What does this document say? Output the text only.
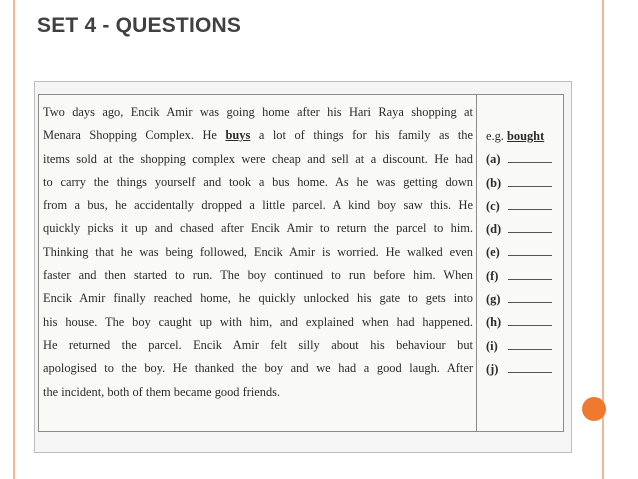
SET 4 - QUESTIONS
Two days ago, Encik Amir was going home after his Hari Raya shopping at
Menara Shopping Complex. He buys a lot of things for his family as the
items sold at the shopping complex were cheap and sell at a discount. He had
to carry the things yourself and took a bus home. As he was getting down
from a bus, he accidentally dropped a little parcel. A kind boy saw this. He
quickly picks it up and chased after Encik Amir to return the parcel to him.
Thinking that he was being followed, Encik Amir is worried. He walked even
faster and then started to run. The boy continued to run before him. When
Encik Amir finally reached home, he quickly unlocked his gate to gets into
his house. The boy caught up with him, and explained when had happened.
He returned the parcel. Encik Amir felt silly about his behaviour but
apologised to the boy. He thanked the boy and we had a good laugh. After
the incident, both of them became good friends.
e.g. bought
(a)
(b)
(c)
(d)
(e)
(f)
(g)
(h)
(i)
(j)
